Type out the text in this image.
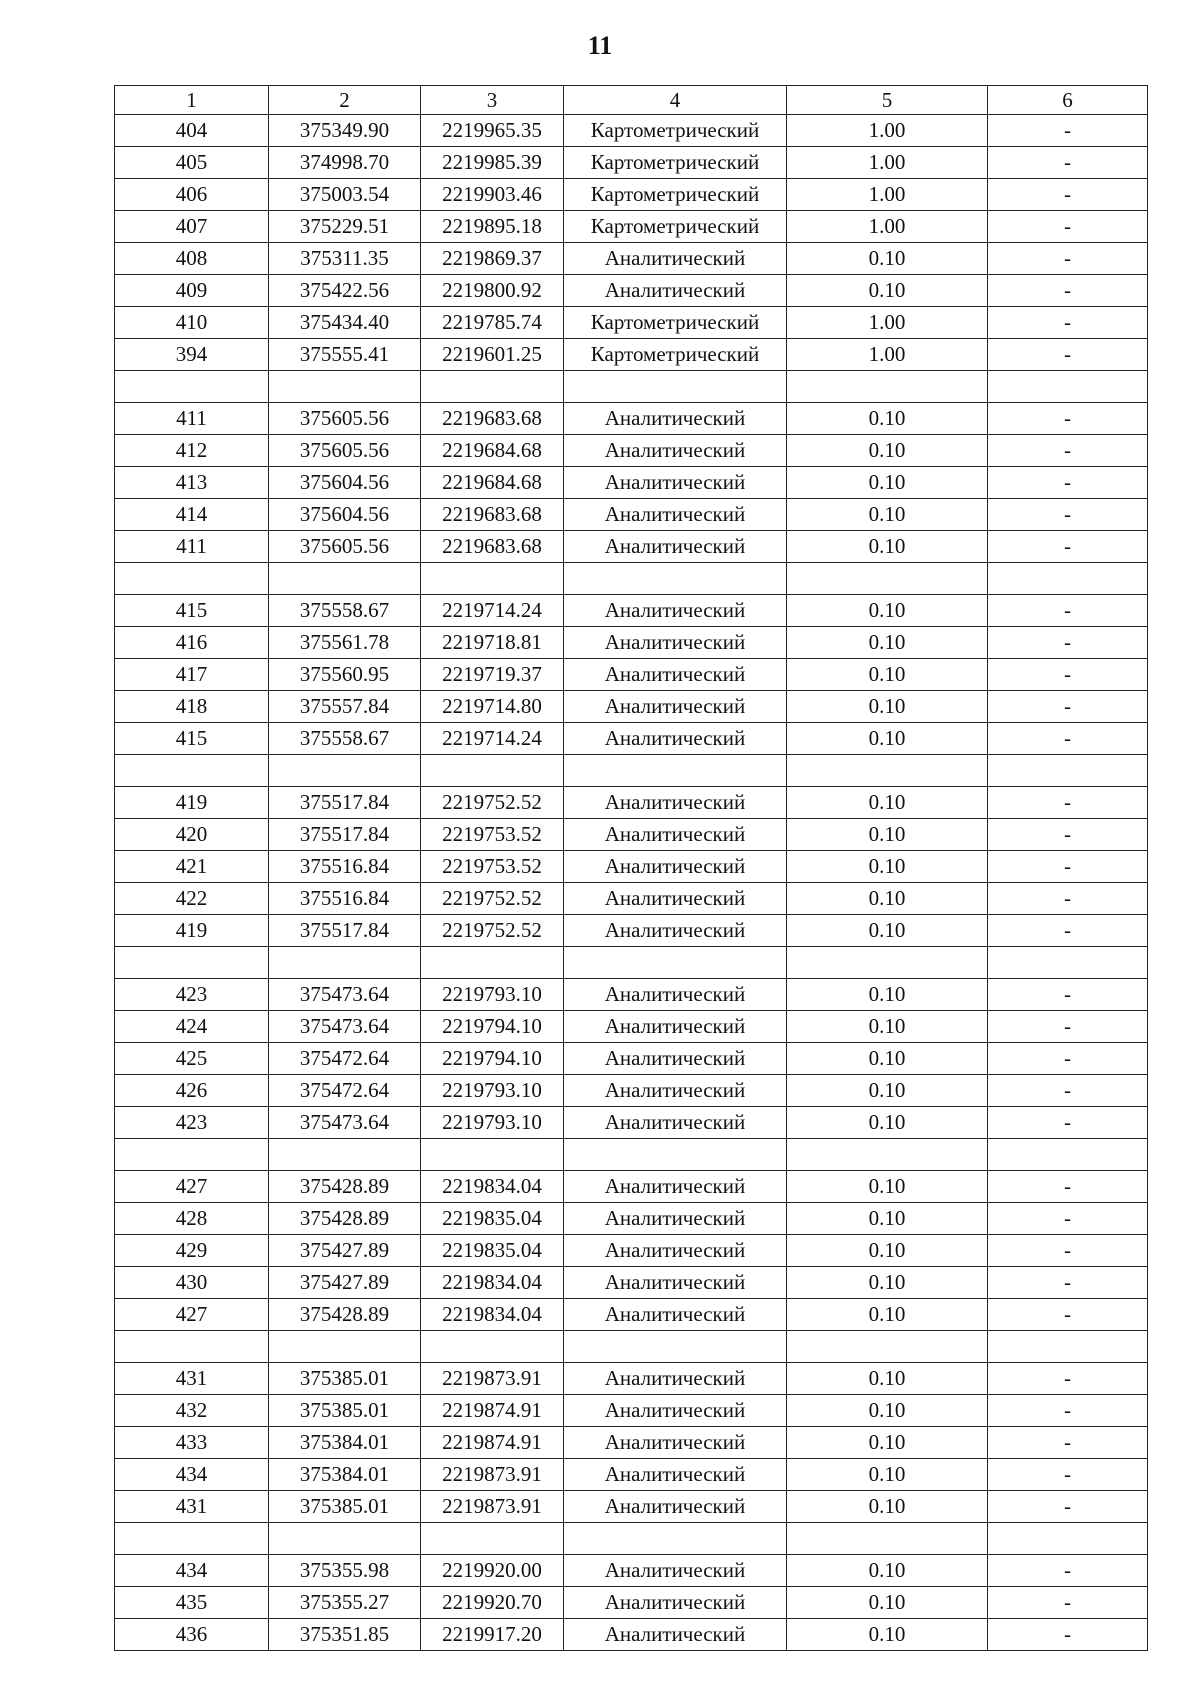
11
1	2	3	4	5	6
404	375349.90	2219965.35	Картометрический	1.00	-
405	374998.70	2219985.39	Картометрический	1.00	-
406	375003.54	2219903.46	Картометрический	1.00	-
407	375229.51	2219895.18	Картометрический	1.00	-
408	375311.35	2219869.37	Аналитический	0.10	-
409	375422.56	2219800.92	Аналитический	0.10	-
410	375434.40	2219785.74	Картометрический	1.00	-
394	375555.41	2219601.25	Картометрический	1.00	-

411	375605.56	2219683.68	Аналитический	0.10	-
412	375605.56	2219684.68	Аналитический	0.10	-
413	375604.56	2219684.68	Аналитический	0.10	-
414	375604.56	2219683.68	Аналитический	0.10	-
411	375605.56	2219683.68	Аналитический	0.10	-

415	375558.67	2219714.24	Аналитический	0.10	-
416	375561.78	2219718.81	Аналитический	0.10	-
417	375560.95	2219719.37	Аналитический	0.10	-
418	375557.84	2219714.80	Аналитический	0.10	-
415	375558.67	2219714.24	Аналитический	0.10	-

419	375517.84	2219752.52	Аналитический	0.10	-
420	375517.84	2219753.52	Аналитический	0.10	-
421	375516.84	2219753.52	Аналитический	0.10	-
422	375516.84	2219752.52	Аналитический	0.10	-
419	375517.84	2219752.52	Аналитический	0.10	-

423	375473.64	2219793.10	Аналитический	0.10	-
424	375473.64	2219794.10	Аналитический	0.10	-
425	375472.64	2219794.10	Аналитический	0.10	-
426	375472.64	2219793.10	Аналитический	0.10	-
423	375473.64	2219793.10	Аналитический	0.10	-

427	375428.89	2219834.04	Аналитический	0.10	-
428	375428.89	2219835.04	Аналитический	0.10	-
429	375427.89	2219835.04	Аналитический	0.10	-
430	375427.89	2219834.04	Аналитический	0.10	-
427	375428.89	2219834.04	Аналитический	0.10	-

431	375385.01	2219873.91	Аналитический	0.10	-
432	375385.01	2219874.91	Аналитический	0.10	-
433	375384.01	2219874.91	Аналитический	0.10	-
434	375384.01	2219873.91	Аналитический	0.10	-
431	375385.01	2219873.91	Аналитический	0.10	-

434	375355.98	2219920.00	Аналитический	0.10	-
435	375355.27	2219920.70	Аналитический	0.10	-
436	375351.85	2219917.20	Аналитический	0.10	-
